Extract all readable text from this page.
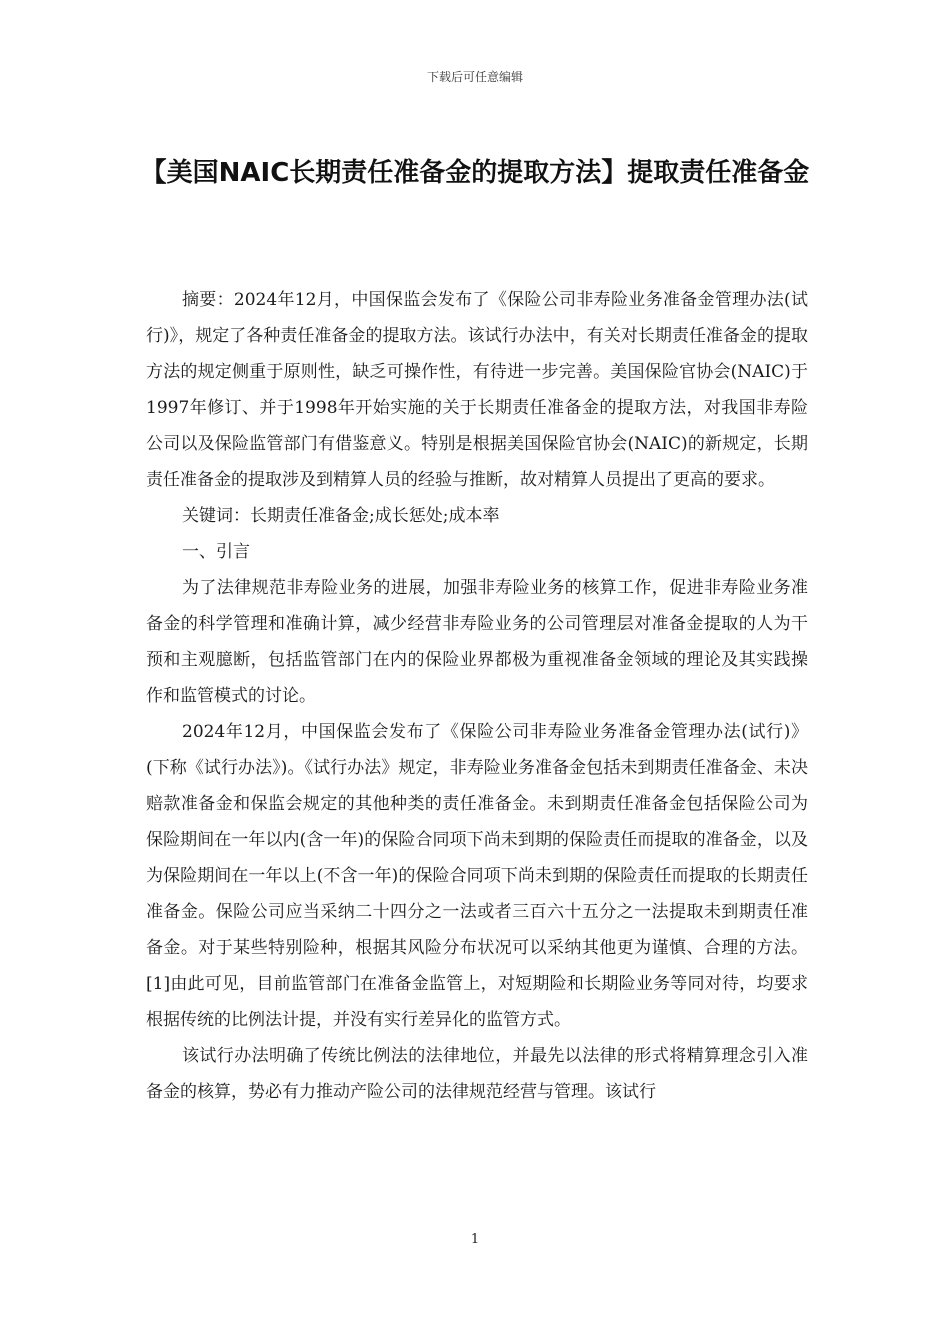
下载后可任意编辑
【美国NAIC长期责任准备金的提取方法】提取责任准备金

摘要：2024年12月，中国保监会发布了《保险公司非寿险业务准备金管理办法(试行)》，规定了各种责任准备金的提取方法。该试行办法中，有关对长期责任准备金的提取方法的规定侧重于原则性，缺乏可操作性，有待进一步完善。美国保险官协会(NAIC)于1997年修订、并于1998年开始实施的关于长期责任准备金的提取方法，对我国非寿险公司以及保险监管部门有借鉴意义。特别是根据美国保险官协会(NAIC)的新规定，长期责任准备金的提取涉及到精算人员的经验与推断，故对精算人员提出了更高的要求。

关键词：长期责任准备金;成长惩处;成本率

一、引言

为了法律规范非寿险业务的进展，加强非寿险业务的核算工作，促进非寿险业务准备金的科学管理和准确计算，减少经营非寿险业务的公司管理层对准备金提取的人为干预和主观臆断，包括监管部门在内的保险业界都极为重视准备金领域的理论及其实践操作和监管模式的讨论。

2024年12月，中国保监会发布了《保险公司非寿险业务准备金管理办法(试行)》(下称《试行办法》)。《试行办法》规定，非寿险业务准备金包括未到期责任准备金、未决赔款准备金和保监会规定的其他种类的责任准备金。未到期责任准备金包括保险公司为保险期间在一年以内(含一年)的保险合同项下尚未到期的保险责任而提取的准备金，以及为保险期间在一年以上(不含一年)的保险合同项下尚未到期的保险责任而提取的长期责任准备金。保险公司应当采纳二十四分之一法或者三百六十五分之一法提取未到期责任准备金。对于某些特别险种，根据其风险分布状况可以采纳其他更为谨慎、合理的方法。[1]由此可见，目前监管部门在准备金监管上，对短期险和长期险业务等同对待，均要求根据传统的比例法计提，并没有实行差异化的监管方式。

该试行办法明确了传统比例法的法律地位，并最先以法律的形式将精算理念引入准备金的核算，势必有力推动产险公司的法律规范经营与管理。该试行

1
